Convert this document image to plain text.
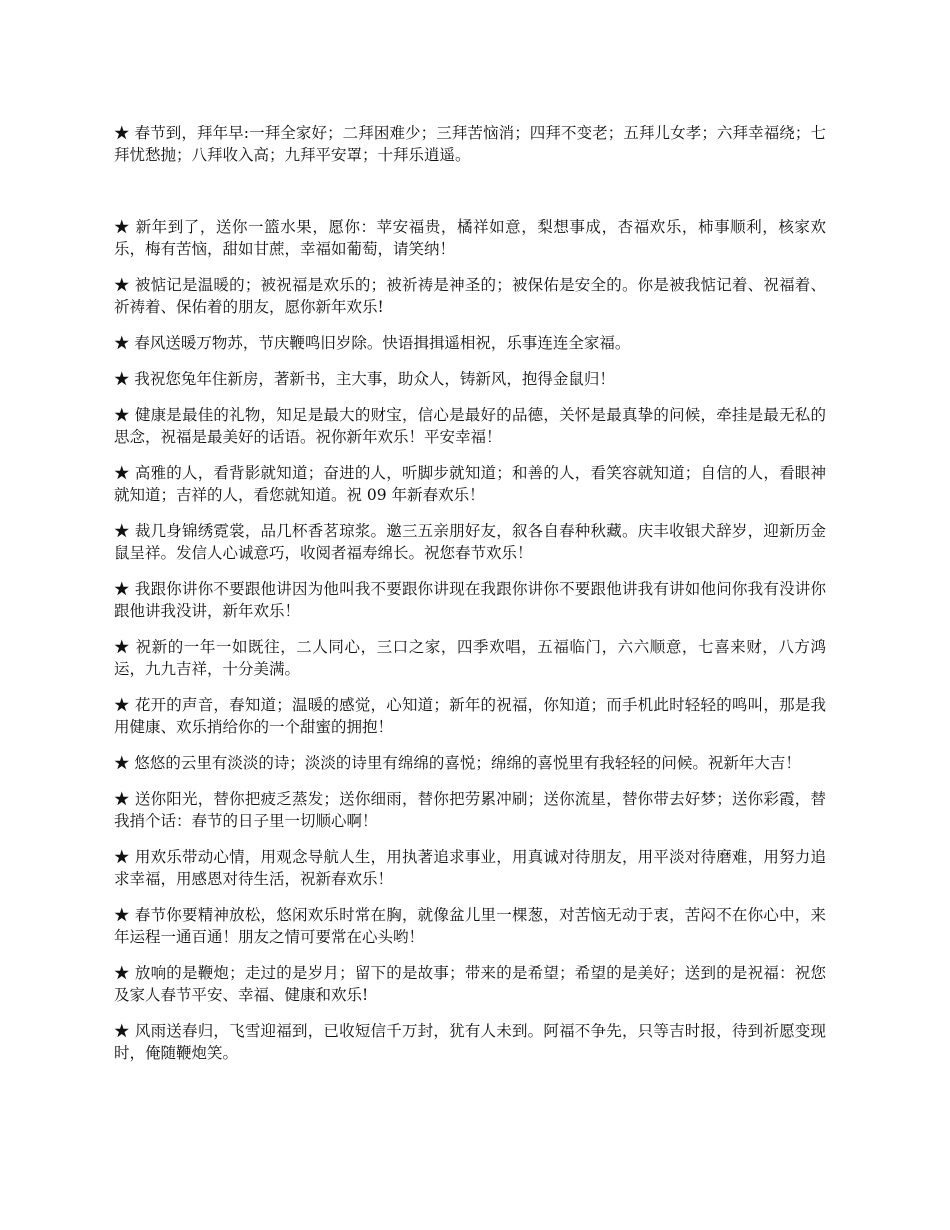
★ 春节到，拜年早:一拜全家好；二拜困难少；三拜苦恼消；四拜不变老；五拜儿女孝；六拜幸福绕；七拜忧愁抛；八拜收入高；九拜平安罩；十拜乐逍遥。

★ 新年到了，送你一篮水果，愿你：苹安福贵，橘祥如意，梨想事成，杏福欢乐，柿事顺利，核家欢乐，梅有苦恼，甜如甘蔗，幸福如葡萄，请笑纳！

★ 被惦记是温暖的；被祝福是欢乐的；被祈祷是神圣的；被保佑是安全的。你是被我惦记着、祝福着、祈祷着、保佑着的朋友，愿你新年欢乐!

★ 春风送暖万物苏，节庆鞭鸣旧岁除。快语揖揖遥相祝，乐事连连全家福。

★ 我祝您兔年住新房，著新书，主大事，助众人，铸新风，抱得金鼠归！

★ 健康是最佳的礼物，知足是最大的财宝，信心是最好的品德，关怀是最真挚的问候，牵挂是最无私的思念，祝福是最美好的话语。祝你新年欢乐！平安幸福！

★ 高雅的人，看背影就知道；奋进的人，听脚步就知道；和善的人，看笑容就知道；自信的人，看眼神就知道；吉祥的人，看您就知道。祝 09 年新春欢乐！

★ 裁几身锦绣霓裳，品几杯香茗琼浆。邀三五亲朋好友，叙各自春种秋藏。庆丰收银犬辞岁，迎新历金鼠呈祥。发信人心诚意巧，收阅者福寿绵长。祝您春节欢乐！

★ 我跟你讲你不要跟他讲因为他叫我不要跟你讲现在我跟你讲你不要跟他讲我有讲如他问你我有没讲你跟他讲我没讲，新年欢乐！

★ 祝新的一年一如既往，二人同心，三口之家，四季欢唱，五福临门，六六顺意，七喜来财，八方鸿运，九九吉祥，十分美满。

★ 花开的声音，春知道；温暖的感觉，心知道；新年的祝福，你知道；而手机此时轻轻的鸣叫，那是我用健康、欢乐捎给你的一个甜蜜的拥抱！

★ 悠悠的云里有淡淡的诗；淡淡的诗里有绵绵的喜悦；绵绵的喜悦里有我轻轻的问候。祝新年大吉！

★ 送你阳光，替你把疲乏蒸发；送你细雨，替你把劳累冲刷；送你流星，替你带去好梦；送你彩霞，替我捎个话：春节的日子里一切顺心啊！

★ 用欢乐带动心情，用观念导航人生，用执著追求事业，用真诚对待朋友，用平淡对待磨难，用努力追求幸福，用感恩对待生活，祝新春欢乐！

★ 春节你要精神放松，悠闲欢乐时常在胸，就像盆儿里一棵葱，对苦恼无动于衷，苦闷不在你心中，来年运程一通百通！朋友之情可要常在心头哟！

★ 放响的是鞭炮；走过的是岁月；留下的是故事；带来的是希望；希望的是美好；送到的是祝福：祝您及家人春节平安、幸福、健康和欢乐!

★ 风雨送春归，飞雪迎福到，已收短信千万封，犹有人未到。阿福不争先，只等吉时报，待到祈愿变现时，俺随鞭炮笑。
